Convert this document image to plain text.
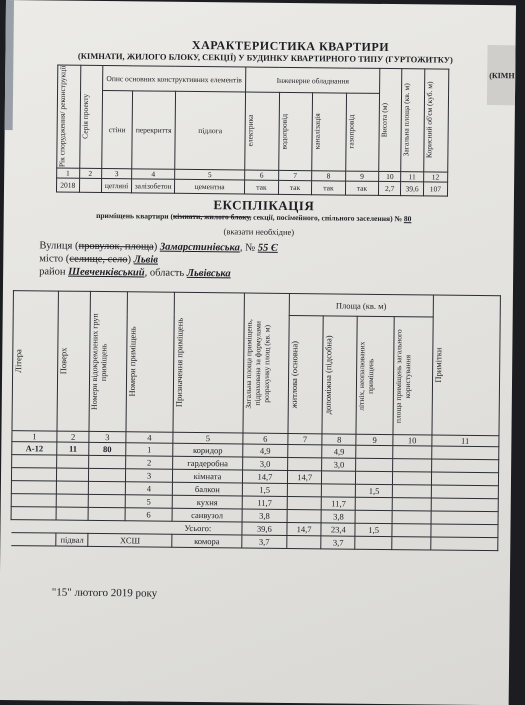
(КІМН
ХАРАКТЕРИСТИКА КВАРТИРИ
(КІМНАТИ, ЖИЛОГО БЛОКУ, СЕКЦІЇ) У БУДИНКУ КВАРТИРНОГО ТИПУ (ГУРТОЖИТКУ)
Рік спорудження/ реконструкції	Серія проекту	Опис основних конструктивних елементів			Інженерне обладнання				Висота (м)	Загальна площа (кв. м)	Корисний об'єм (куб. м)

		стіни	перекриття	підлога	електрика	водопровід	каналізація	газопровід			

1	2	3	4	5	6	7	8	9	10	11	12
2018		цегляні	залізобетон	цементна	так	так	так	так	2,7	39,6	107
ЕКСПЛІКАЦІЯ
приміщень квартири (кімнати, жилого блоку, секції, посімейного, спільного заселення) № 80
(вказати необхідне)
Вулиця (провулок, площа) Замарстинівська, № 55 Є
місто (селище, село) Львів
район Шевченківський, область Львівська
Літера	Поверх	Номери відокремлених груп приміщень	Номери приміщень	Призначення приміщень	Загальна площа приміщень, підрахована за формулами розрахунку площ (кв. м)	Площа (кв. м)				Примітки

						житлова (основна)	допоміжна (підсобна)	літніх, неопалюваних приміщень	площа приміщень загального користування	

1	2	3	4	5	6	7	8	9	10	11
А-12	11	80	1	коридор	4,9		4,9			
			2	гардеробна	3,0		3,0			
			3	кімната	14,7	14,7				
			4	балкон	1,5			1,5		
			5	кухня	11,7		11,7			
			6	санвузол	3,8		3,8			
Усього:					39,6	14,7	23,4	1,5		
	підвал	ХСШ		комора	3,7		3,7			
"15" лютого 2019 року
